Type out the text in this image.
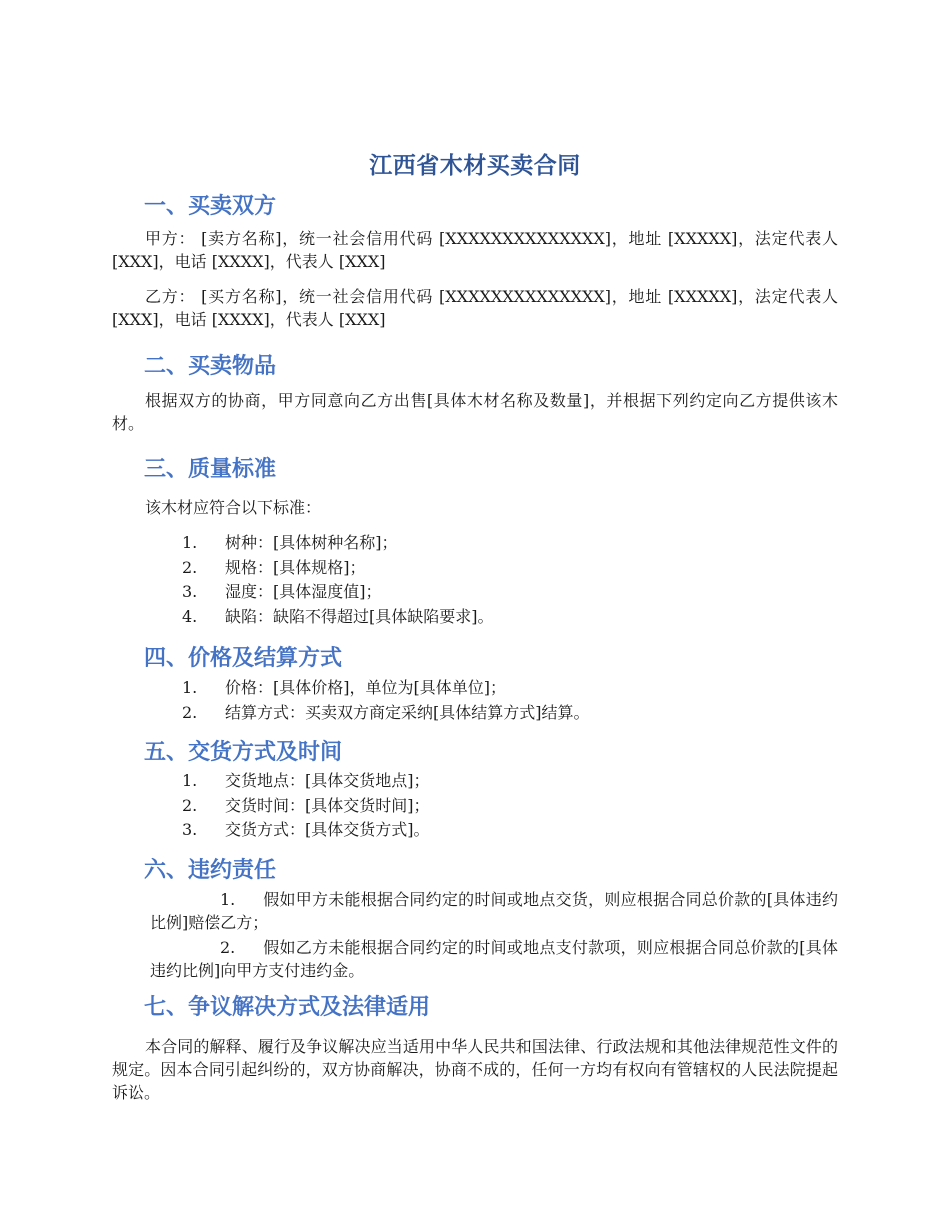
江西省木材买卖合同
一、买卖双方

甲方： [卖方名称]，统一社会信用代码 [XXXXXXXXXXXXXX]，地址 [XXXXX]，法定代表人 [XXX]，电话 [XXXX]，代表人 [XXX]

乙方： [买方名称]，统一社会信用代码 [XXXXXXXXXXXXXX]，地址 [XXXXX]，法定代表人 [XXX]，电话 [XXXX]，代表人 [XXX]

二、买卖物品

根据双方的协商，甲方同意向乙方出售[具体木材名称及数量]，并根据下列约定向乙方提供该木材。

三、质量标准

该木材应符合以下标准：

1.	树种：[具体树种名称]；
2.	规格：[具体规格]；
3.	湿度：[具体湿度值]；
4.	缺陷：缺陷不得超过[具体缺陷要求]。
四、价格及结算方式
1.	价格：[具体价格]，单位为[具体单位]；
2.	结算方式：买卖双方商定采纳[具体结算方式]结算。
五、交货方式及时间
1.	交货地点：[具体交货地点]；
2.	交货时间：[具体交货时间]；
3.	交货方式：[具体交货方式]。
六、违约责任

1. 假如甲方未能根据合同约定的时间或地点交货，则应根据合同总价款的[具体违约比例]赔偿乙方；

2. 假如乙方未能根据合同约定的时间或地点支付款项，则应根据合同总价款的[具体违约比例]向甲方支付违约金。

七、争议解决方式及法律适用

本合同的解释、履行及争议解决应当适用中华人民共和国法律、行政法规和其他法律规范性文件的规定。因本合同引起纠纷的，双方协商解决，协商不成的，任何一方均有权向有管辖权的人民法院提起诉讼。
